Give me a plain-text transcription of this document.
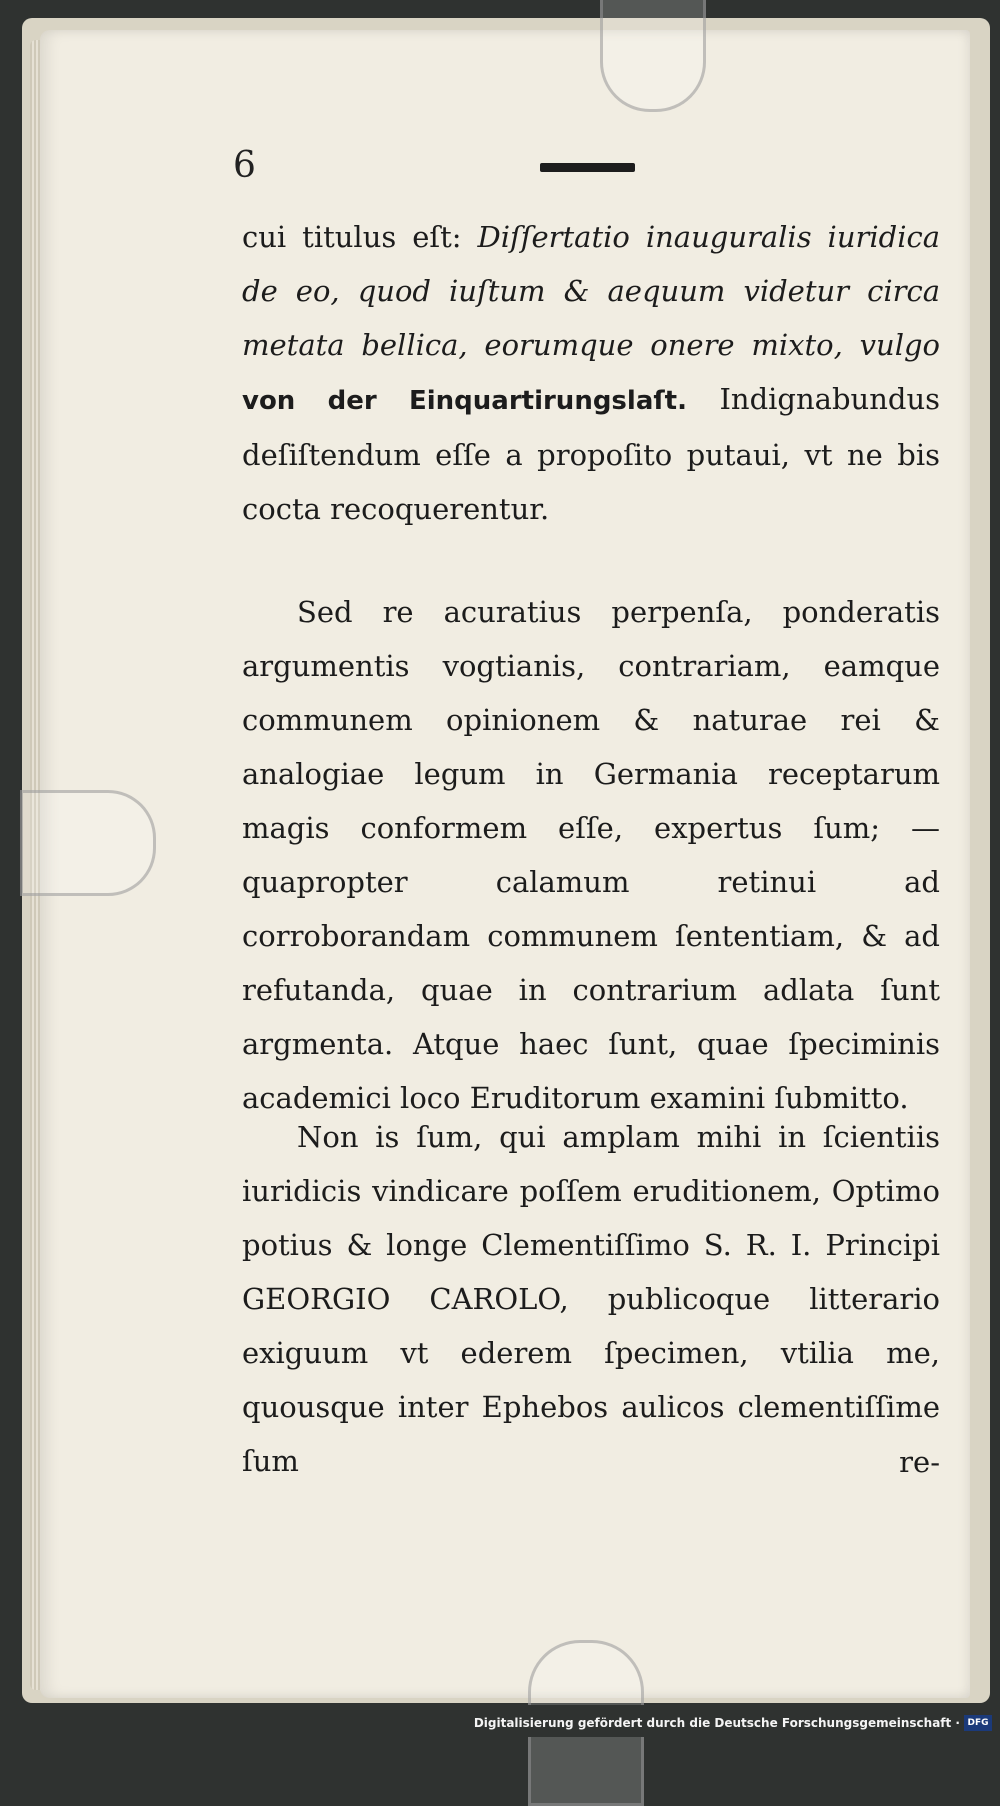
6
cui titulus eſt: Diſſertatio inauguralis iuridica de eo, quod iuſtum & aequum videtur circa metata bellica, eorumque onere mixto, vulgo von der Einquartirungslaſt. Indignabundus deſiſtendum eſſe a propoſito putaui, vt ne bis cocta recoquerentur.
Sed re acuratius perpenſa, ponderatis argumentis vogtianis, contrariam, eamque communem opinionem & naturae rei & analogiae legum in Germania receptarum magis conformem eſſe, expertus ſum; — quapropter calamum retinui ad corroborandam communem ſententiam, & ad refutanda, quae in contrarium adlata ſunt argmenta. Atque haec ſunt, quae ſpeciminis academici loco Eruditorum examini ſubmitto.
Non is ſum, qui amplam mihi in ſcientiis iuridicis vindicare poſſem eruditionem, Optimo potius & longe Clementiſſimo S. R. I. Principi GEORGIO CAROLO, publicoque litterario exiguum vt ederem ſpecimen, vtilia me, quousque inter Ephebos aulicos clementiſſime ſum	re-
Digitalisierung gefördert durch die Deutsche Forschungsgemeinschaft · DFG
